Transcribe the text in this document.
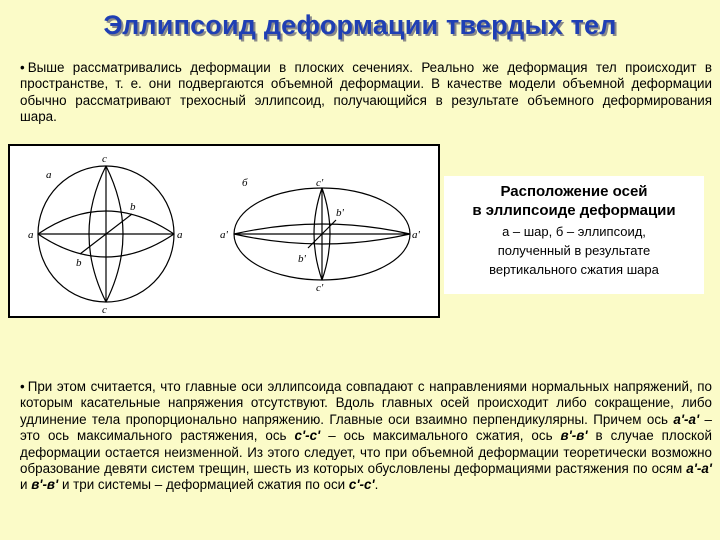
Эллипсоид деформации твердых тел
• Выше рассматривались деформации в плоских сечениях. Реально же деформация тел происходит в пространстве, т. е. они подвергаются объемной деформации. В качестве модели объемной деформации обычно рассматривают трехосный эллипсоид, получающийся в результате объемного деформирования шара.
а
c
c
a	a
b
b
б	c'
c'
a'	a'
b'
b'
Расположение осей
в эллипсоиде деформации
а – шар, б – эллипсоид,
полученный в результате
вертикального сжатия шара
• При этом считается, что главные оси эллипсоида совпадают с направлениями нормальных напряжений, по которым касательные напряжения отсутствуют. Вдоль главных осей происходит либо сокращение, либо удлинение тела пропорционально напряжению. Главные оси взаимно перпендикулярны. Причем ось а'-а' – это ось максимального растяжения, ось с'-с' – ось максимального сжатия, ось в'-в' в случае плоской деформации остается неизменной. Из этого следует, что при объемной деформации теоретически возможно образование девяти систем трещин, шесть из которых обусловлены деформациями растяжения по осям а'-а' и в'-в' и три системы – деформацией сжатия по оси с'-с'.
